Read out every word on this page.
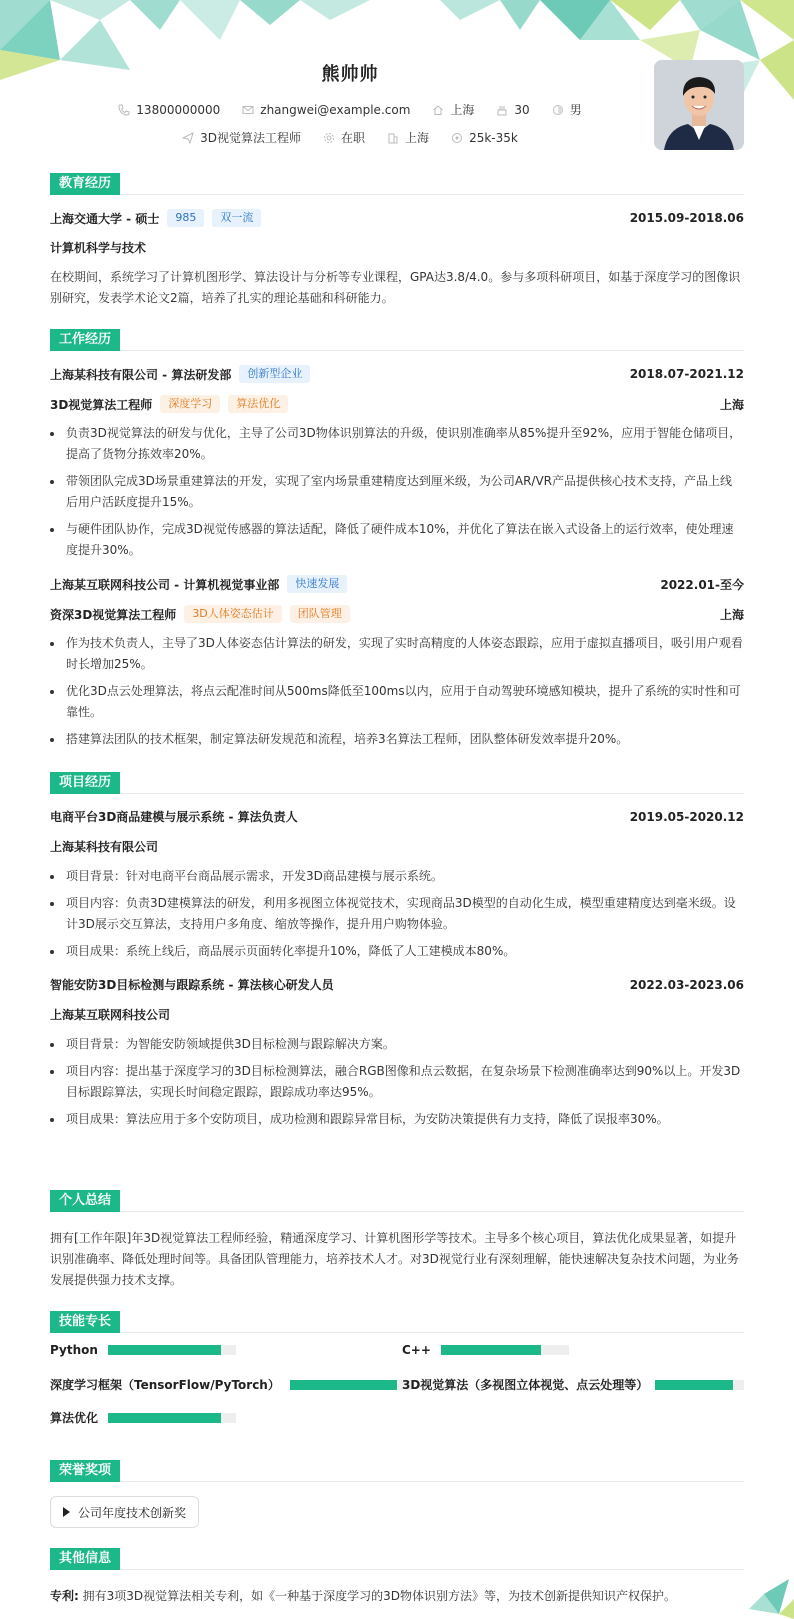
熊帅帅
13800000000	zhangwei@example.com	上海	30	男
3D视觉算法工程师	在职	上海	25k-35k
教育经历
上海交通大学 - 硕士	985	双一流	2015.09-2018.06
计算机科学与技术
在校期间，系统学习了计算机图形学、算法设计与分析等专业课程，GPA达3.8/4.0。参与多项科研项目，如基于深度学习的图像识别研究，发表学术论文2篇，培养了扎实的理论基础和科研能力。
工作经历
上海某科技有限公司 - 算法研发部	创新型企业	2018.07-2021.12
3D视觉算法工程师	深度学习	算法优化	上海
负责3D视觉算法的研发与优化，主导了公司3D物体识别算法的升级，使识别准确率从85%提升至92%，应用于智能仓储项目，提高了货物分拣效率20%。
带领团队完成3D场景重建算法的开发，实现了室内场景重建精度达到厘米级，为公司AR/VR产品提供核心技术支持，产品上线后用户活跃度提升15%。
与硬件团队协作，完成3D视觉传感器的算法适配，降低了硬件成本10%，并优化了算法在嵌入式设备上的运行效率，使处理速度提升30%。
上海某互联网科技公司 - 计算机视觉事业部	快速发展	2022.01-至今
资深3D视觉算法工程师	3D人体姿态估计	团队管理	上海
作为技术负责人，主导了3D人体姿态估计算法的研发，实现了实时高精度的人体姿态跟踪，应用于虚拟直播项目，吸引用户观看时长增加25%。
优化3D点云处理算法，将点云配准时间从500ms降低至100ms以内，应用于自动驾驶环境感知模块，提升了系统的实时性和可靠性。
搭建算法团队的技术框架，制定算法研发规范和流程，培养3名算法工程师，团队整体研发效率提升20%。
项目经历
电商平台3D商品建模与展示系统 - 算法负责人	2019.05-2020.12
上海某科技有限公司
项目背景：针对电商平台商品展示需求，开发3D商品建模与展示系统。
项目内容：负责3D建模算法的研发，利用多视图立体视觉技术，实现商品3D模型的自动化生成，模型重建精度达到毫米级。设计3D展示交互算法，支持用户多角度、缩放等操作，提升用户购物体验。
项目成果：系统上线后，商品展示页面转化率提升10%，降低了人工建模成本80%。
智能安防3D目标检测与跟踪系统 - 算法核心研发人员	2022.03-2023.06
上海某互联网科技公司
项目背景：为智能安防领域提供3D目标检测与跟踪解决方案。
项目内容：提出基于深度学习的3D目标检测算法，融合RGB图像和点云数据，在复杂场景下检测准确率达到90%以上。开发3D目标跟踪算法，实现长时间稳定跟踪，跟踪成功率达95%。
项目成果：算法应用于多个安防项目，成功检测和跟踪异常目标，为安防决策提供有力支持，降低了误报率30%。
个人总结
拥有[工作年限]年3D视觉算法工程师经验，精通深度学习、计算机图形学等技术。主导多个核心项目，算法优化成果显著，如提升识别准确率、降低处理时间等。具备团队管理能力，培养技术人才。对3D视觉行业有深刻理解，能快速解决复杂技术问题，为业务发展提供强力技术支撑。
技能专长
Python	C++
深度学习框架（TensorFlow/PyTorch）	3D视觉算法（多视图立体视觉、点云处理等）
算法优化
荣誉奖项
公司年度技术创新奖
其他信息
专利: 拥有3项3D视觉算法相关专利，如《一种基于深度学习的3D物体识别方法》等，为技术创新提供知识产权保护。
